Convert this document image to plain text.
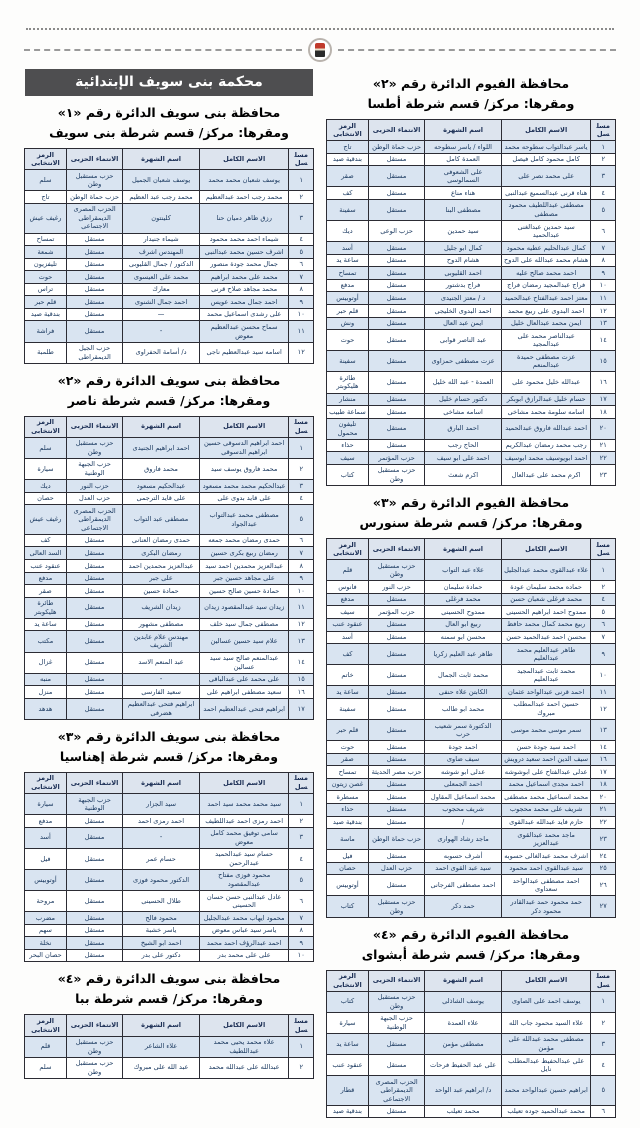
محافظة الفيوم الدائرة رقم «٢»
ومقرها: مركز/ قسم شرطة أطسا
مسلسل	الاسم الكامل	اسم الشهرة	الانتماء الحزبى	الرمز الانتخابى
١	ياسر عبدالتواب سطوحه محمد	اللواء / ياسر سطوحه	حزب حماة الوطن	تاج
٢	كامل محمود كامل فيصل	العمدة كامل	مستقل	بندقية صيد
٣	على محمد نصر على	على الشعوفى السمالوسى	مستقل	صقر
٤	هناء قرنى عبدالسميع عبدالنبى	هناء مناع	مستقل	كف
٥	مصطفى عبداللطيف محمود مصطفى	مصطفى البنا	مستقل	سفينة
٦	سيد حمدين عبدالغنى عبدالحميد	سيد حمدين	حزب الوعى	ديك
٧	كمال عبدالحليم عطيه محمود	كمال ابو جليل	مستقل	أسد
٨	هشام محمد عبدالله على الدوح	هشام الدوح	مستقل	ساعة يد
٩	احمد محمد صالح عليه	احمد القليوبى	مستقل	تمساح
١٠	فراج عبدالمجيد رمضان فراج	فراج بدشتور	مستقل	مدفع
١١	معتز احمد عبدالفتاح عبدالحميد	د / معتز الجنيدى	مستقل	أوتوبيس
١٢	احمد البدوى على ربيع محمد	احمد البدوى الخليجى	مستقل	قلم حبر
١٣	ايمن محمد عبدالعال خليل	ايمن عبد العال	مستقل	ونش
١٤	عبدالناصر محمد على عبدالمجيد	عبد الناصر قوابى	مستقل	حوت
١٥	عزت مصطفى حميدة عبدالمنعم	عزت مصطفى حمزاوى	مستقل	سفينة
١٦	عبدالله خليل محمود على	العمدة - عبد الله خليل	مستقل	طائرة هليكوبتر
١٧	حسام خليل عبدالرازق ابوبكر	دكتور حسام خليل	مستقل	منشار
١٨	اسامه سلومة محمد مشاخى	اسامه مشاخى	مستقل	سماعة طبيب
٢٠	احمد عبدالله فاروق عبدالحميد	احمد البارق	مستقل	تليفون محمول
٢١	رجب محمد رمضان عبدالكريم	الحاج رجب	مستقل	حذاء
٢٢	احمد ابويوسيف محمد ابوسيف	احمد على ابو سيف	حزب المؤتمر	سيف
٢٣	اكرم محمد على عبدالعال	اكرم شعث	حزب مستقبل وطن	كتاب
محافظة الفيوم الدائرة رقم «٣»
ومقرها: مركز/ قسم شرطة سنورس
مسلسل	الاسم الكامل	اسم الشهرة	الانتماء الحزبى	الرمز الانتخابى
١	علاء عبدالقوى محمد عبدالجليل	علاء عبد التواب	حزب مستقبل وطن	قلم
٢	حماده محمد سليمان عودة	حمادة سليمان	حزب النور	فانوس
٤	محمد فرغلى شعبان حسن	محمد فرغلى	مستقل	مدفع
٥	ممدوح احمد ابراهيم الحسينى	ممدوح الحسينى	حزب المؤتمر	سيف
٦	ربيع محمد كمال محمد حافظ	ربيع ابو العال	مستقل	عنقود عنب
٧	محسن احمد عبدالحميد حسن	محسن ابو سمنه	مستقل	أسد
٩	طاهر عبدالعليم محمد عبدالعليم	طاهر عبد العليم زكريا	مستقل	كف
١٠	محمد ثابت عبدالمجيد عبدالعليم	محمد ثابت الجمال	مستقل	خاتم
١١	احمد قرنى عبدالواحد عثمان	الكابتن علاء حنفى	مستقل	ساعة يد
١٢	حسين احمد عبدالمطلب مبروك	محمد ابو طالب	مستقل	سفينة
١٣	سمر موسى محمد موسى	الدكتورة سمر شعيب حرب	مستقل	قلم حبر
١٤	احمد سيد جودة حسن	احمد جودة	مستقل	حوت
١٦	سيف الدين احمد سعيد درويش	سيف ضاوى	مستقل	صقر
١٧	عدلى عبدالفتاح على ابوشوشه	عدلى ابو شوشه	حزب مصر الحديثة	تمساح
١٨	احمد مجدى اسماعيل محمد	احمد الجمعلى	مستقل	غصن زيتون
٢٠	محمد اسماعيل محمد مصطفى	محمد اسماعيل المقاول	مستقل	مسطرة
٢١	شريف على محمد محجوب	شريف محجوب	مستقل	حذاء
٢٢	حازم فايد عبدالله عبدالقوى	/	مستقل	بندقية صيد
٢٣	ماجد محمد عبدالقوى عبدالعزيز	ماجد رشاد الهوارى	حزب حماة الوطن	ماسة
٢٤	اشرف محمد عبدالغالى حسوبه	أشرف حسوبه	مستقل	فيل
٢٥	سيد عبدالقوى احمد محمود	سيد عبد القوى احمد	حزب العدل	حصان
٢٦	احمد مصطفى عبدالواحد سعداوى	احمد مصطفى الفرجانى	مستقل	أوتوبيس
٢٧	حمد محمود حمد عبدالقادر محمود دكر	حمد دكر	حزب مستقبل وطن	كتاب
محافظة الفيوم الدائرة رقم «٤»
ومقرها: مركز/ قسم شرطة أبشواى
مسلسل	الاسم الكامل	اسم الشهرة	الانتماء الحزبى	الرمز الانتخابى
١	يوسف احمد على الصاوى	يوسف الشاذلى	حزب مستقبل وطن	كتاب
٢	علاء السيد محمود جاب الله	علاء العمدة	حزب الجبهة الوطنية	سيارة
٣	مصطفى محمد عبدالله على مؤمن	مصطفى مؤمن	مستقل	ساعة يد
٤	على عبدالحفيظ عبدالمطلب نايل	على عبد الحفيظ فرحات	مستقل	عنقود عنب
٥	ابراهيم حسين عبدالواحد محمد	د/ ابراهيم عبد الواحد	الحزب المصرى الديمقراطى الاجتماعى	قطار
٦	محمد عبدالحميد جوده تعيلب	محمد تعيلب	مستقل	بندقية صيد
محكمة بنى سويف الإبتدائية
محافظة بنى سويف الدائرة رقم «١»
ومقرها: مركز/ قسم شرطة بنى سويف
مسلسل	الاسم الكامل	اسم الشهرة	الانتماء الحزبى	الرمز الانتخابى
١	يوسف شعبان محمد محمد	يوسف شعبان الجميل	حزب مستقبل وطن	سلم
٢	محمد رجب احمد عبدالعظيم	محمد رجب عبد العظيم	حزب حماة الوطن	تاج
٣	رزق ظاهر دميان حنا	كلينتون	الحزب المصرى الديمقراطى الاجتماعى	رغيف عيش
٤	شيماء احمد محمد محمود	شيماء جنيدار	مستقل	تمساح
٥	اشرف حسين محمد عبدالنبى	المهندس اشرف	مستقل	شمعة
٦	جمال محمد جودة منصور	الدكتور / جمال القليوبى	مستقل	تليفزيون
٧	محمد على محمد ابراهيم	محمد على العيسوى	مستقل	حوت
٨	محمد مجاهد صلاح قرنى	معارك	مستقل	تراس
٩	احمد جمال محمد عويس	احمد جمال الشنوى	مستقل	قلم حبر
١٠	على رشدى اسماعيل محمد	—	مستقل	بندقية صيد
١١	سماح محسن عبدالعظيم معوض	-	مستقل	فراشة
١٢	اسامه سيد عبدالعظيم ناجى	د/ أسامة الحفراوى	حزب الجيل الديمقراطى	طلمبة
محافظة بنى سويف الدائرة رقم «٢»
ومقرها: مركز/ قسم شرطة ناصر
مسلسل	الاسم الكامل	اسم الشهرة	الانتماء الحزبى	الرمز الانتخابى
١	احمد ابراهيم الدسوقى حسين ابراهيم الدسوقى	احمد ابراهيم الجنيدى	حزب مستقبل وطن	سلم
٢	محمد فاروق يوسف سيد	محمد فاروق	حزب الجبهة الوطنية	سيارة
٣	عبدالحكيم محمد محمد مسعود	عبدالحكيم مسعود	حزب النور	ديك
٤	على قايد بدوى على	على قايد الترجمى	حزب العدل	حصان
٥	مصطفى محمد عبدالتواب عبدالجواد	مصطفى عبد التواب	الحزب المصرى الديمقراطى الاجتماعى	رغيف عيش
٦	حمدى رمضان محمد جمعه	حمدى رمضان العنانى	مستقل	كف
٧	رمضان ربيع بكرى حسين	رمضان البكرى	مستقل	السد العالى
٨	عبدالعزيز محمدين احمد سيد	عبدالعزيز محمدين احمد	مستقل	عنقود عنب
٩	على مجاهد حسين جبر	على جبر	مستقل	مدفع
١٠	حمادة حسين صالح حسين	حمادة حسين	مستقل	صقر
١١	زيدان سيد عبدالمقصود زيدان	زيدان الشريف	مستقل	طائرة هليكوبتر
١٢	مصطفى جمال سيد خلف	مصطفى مشهور	مستقل	ساعة يد
١٣	علام سيد حسين عسالين	مهندس علام عابدين الشريف	مستقل	مكتب
١٤	عبدالمنعم صالح سيد سيد عسالين	عبد المنعم الاسد	مستقل	غزال
١٥	على محمد على عبدالباقى	-	مستقل	منبه
١٦	سعيد مصطفى ابراهيم على	سعيد الفارسى	مستقل	منزل
١٧	ابراهيم فتحى عبدالعظيم احمد	ابراهيم فتحى عبدالعظيم هضرفى	مستقل	هدهد
محافظة بنى سويف الدائرة رقم «٣»
ومقرها: مركز/ قسم شرطة إهناسيا
مسلسل	الاسم الكامل	اسم الشهرة	الانتماء الحزبى	الرمز الانتخابى
١	سيد محمد محمد سيد احمد	سيد الجزار	حزب الجبهة الوطنية	سيارة
٢	احمد رمزى احمد عبداللطيف	احمد رمزى احمد	مستقل	مدفع
٣	سامى توفيق محمد كامل معوض	-	مستقل	أسد
٤	حسام سيد عبدالحميد عبدالرحمن	حسام عمر	مستقل	فيل
٥	محمود فوزى مفتاح عبدالمقصود	الدكتور محمود فوزى	مستقل	أوتوبيس
٦	عادل عبدالنبى حسن حسان الحسينى	طلال الحسينى	مستقل	مروحة
٧	محمود ايهاب محمد عبدالجليل	محمود فالح	مستقل	مضرب
٨	ياسر سيد عباس معوض	ياسر خشبة	مستقل	سهم
٩	احمد عبدالرؤف احمد محمد	احمد ابو الشيخ	مستقل	نخلة
١٠	على على محمد بدر	دكتور على بدر	مستقل	حصان البحر
محافظة بنى سويف الدائرة رقم «٤»
ومقرها: مركز/ قسم شرطة ببا
مسلسل	الاسم الكامل	اسم الشهرة	الانتماء الحزبى	الرمز الانتخابى
١	علاء محمد يحيى محمد عبداللطيف	علاء الشاعر	حزب مستقبل وطن	قلم
٢	عبدالله على عبدالله محمد	عبد الله على مبروك	حزب مستقبل وطن	سلم
